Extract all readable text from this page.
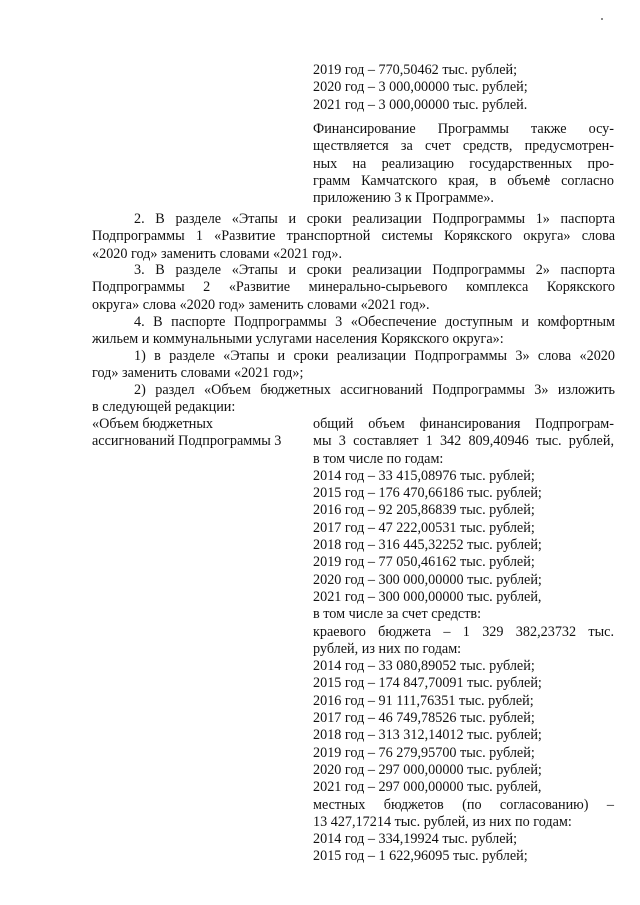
2019 год – 770,50462 тыс. рублей;
2020 год – 3 000,00000 тыс. рублей;
2021 год – 3 000,00000 тыс. рублей.
Финансирование Программы также осу-
ществляется за счет средств, предусмотрен-
ных на реализацию государственных про-
грамм Камчатского края, в объеме согласно
приложению 3 к Программе».
2. В разделе «Этапы и сроки реализации Подпрограммы 1» паспорта
Подпрограммы 1 «Развитие транспортной системы Корякского округа» слова
«2020 год» заменить словами «2021 год».
3. В разделе «Этапы и сроки реализации Подпрограммы 2» паспорта
Подпрограммы 2 «Развитие минерально-сырьевого комплекса Корякского
округа» слова «2020 год» заменить словами «2021 год».
4. В паспорте Подпрограммы 3 «Обеспечение доступным и комфортным
жильем и коммунальными услугами населения Корякского округа»:
1) в разделе «Этапы и сроки реализации Подпрограммы 3» слова «2020
год» заменить словами «2021 год»;
2) раздел «Объем бюджетных ассигнований Подпрограммы 3» изложить
в следующей редакции:
«Объем бюджетных
ассигнований Подпрограммы 3
общий объем финансирования Подпрограм-
мы 3 составляет 1 342 809,40946 тыс. рублей,
в том числе по годам:
2014 год – 33 415,08976 тыс. рублей;
2015 год – 176 470,66186 тыс. рублей;
2016 год – 92 205,86839 тыс. рублей;
2017 год – 47 222,00531 тыс. рублей;
2018 год – 316 445,32252 тыс. рублей;
2019 год – 77 050,46162 тыс. рублей;
2020 год – 300 000,00000 тыс. рублей;
2021 год – 300 000,00000 тыс. рублей,
в том числе за счет средств:
краевого бюджета – 1 329 382,23732 тыс.
рублей, из них по годам:
2014 год – 33 080,89052 тыс. рублей;
2015 год – 174 847,70091 тыс. рублей;
2016 год – 91 111,76351 тыс. рублей;
2017 год – 46 749,78526 тыс. рублей;
2018 год – 313 312,14012 тыс. рублей;
2019 год – 76 279,95700 тыс. рублей;
2020 год – 297 000,00000 тыс. рублей;
2021 год – 297 000,00000 тыс. рублей,
местных бюджетов (по согласованию) –
13 427,17214 тыс. рублей, из них по годам:
2014 год – 334,19924 тыс. рублей;
2015 год – 1 622,96095 тыс. рублей;
